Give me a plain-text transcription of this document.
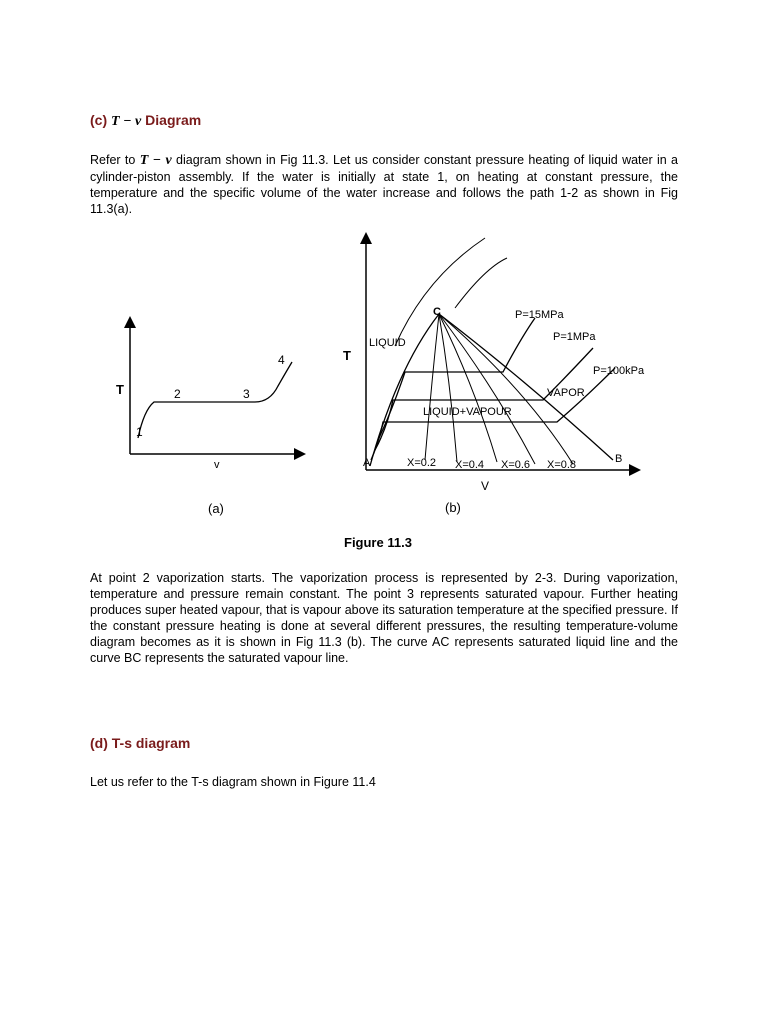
(c) T − v Diagram
Refer to T − v diagram shown in Fig 11.3. Let us consider constant pressure heating of liquid water in a cylinder-piston assembly. If the water is initially at state 1, on heating at constant pressure, the temperature and the specific volume of the water increase and follows the path 1-2 as shown in Fig 11.3(a).
T
v
1
2	3
4
(a)
T
V
C
A	B
LIQUID
VAPOR
LIQUID+VAPOUR
P=15MPa
P=1MPa
P=100kPa
X=0.2 X=0.4 X=0.6 X=0.8
(b)
Figure 11.3
At point 2 vaporization starts. The vaporization process is represented by 2-3. During vaporization, temperature and pressure remain constant. The point 3 represents saturated vapour. Further heating produces super heated vapour, that is vapour above its saturation temperature at the specified pressure. If the constant pressure heating is done at several different pressures, the resulting temperature-volume diagram becomes as it is shown in Fig 11.3 (b). The curve AC represents saturated liquid line and the curve BC represents the saturated vapour line.
(d) T-s diagram
Let us refer to the T-s diagram shown in Figure 11.4
